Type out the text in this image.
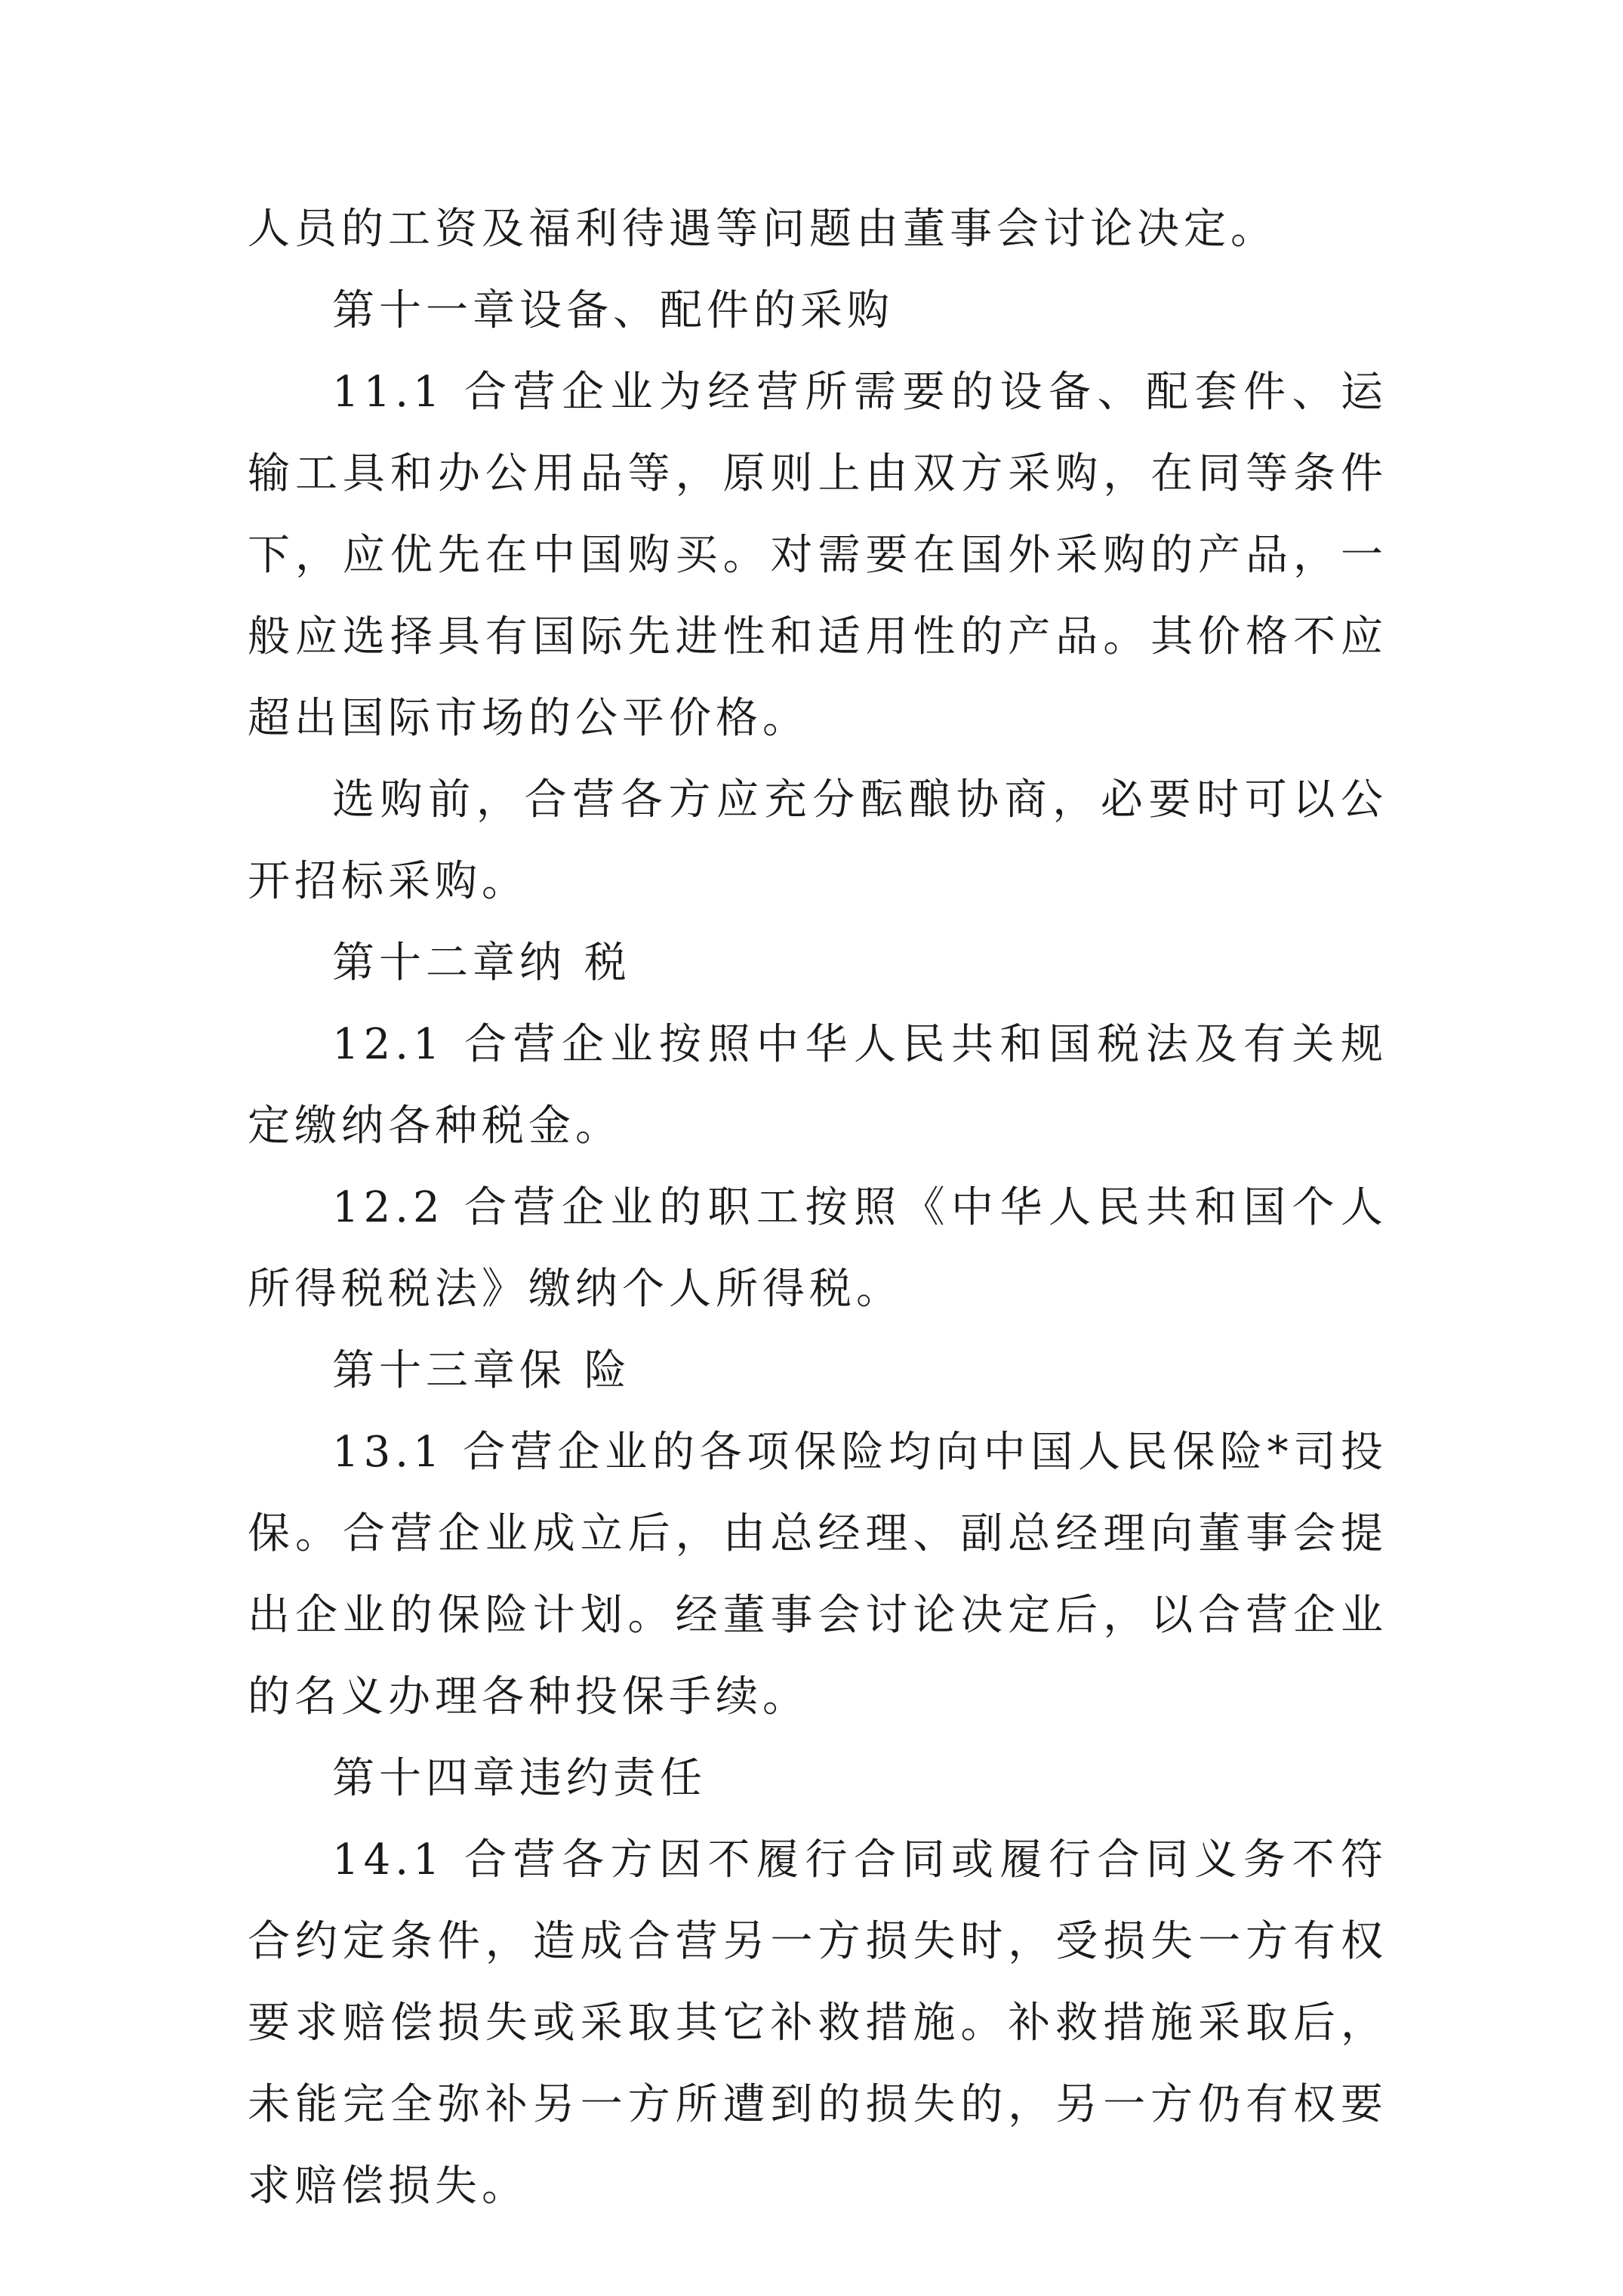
人员的工资及福利待遇等问题由董事会讨论决定。

第十一章设备、配件的采购

11.1 合营企业为经营所需要的设备、配套件、运输工具和办公用品等，原则上由双方采购，在同等条件下，应优先在中国购买。对需要在国外采购的产品，一般应选择具有国际先进性和适用性的产品。其价格不应超出国际市场的公平价格。

选购前，合营各方应充分酝酿协商，必要时可以公开招标采购。

第十二章纳 税

12.1 合营企业按照中华人民共和国税法及有关规定缴纳各种税金。

12.2 合营企业的职工按照《中华人民共和国个人所得税税法》缴纳个人所得税。

第十三章保 险

13.1 合营企业的各项保险均向中国人民保险*司投保。合营企业成立后，由总经理、副总经理向董事会提出企业的保险计划。经董事会讨论决定后，以合营企业的名义办理各种投保手续。

第十四章违约责任

14.1 合营各方因不履行合同或履行合同义务不符合约定条件，造成合营另一方损失时，受损失一方有权要求赔偿损失或采取其它补救措施。补救措施采取后，未能完全弥补另一方所遭到的损失的，另一方仍有权要求赔偿损失。
